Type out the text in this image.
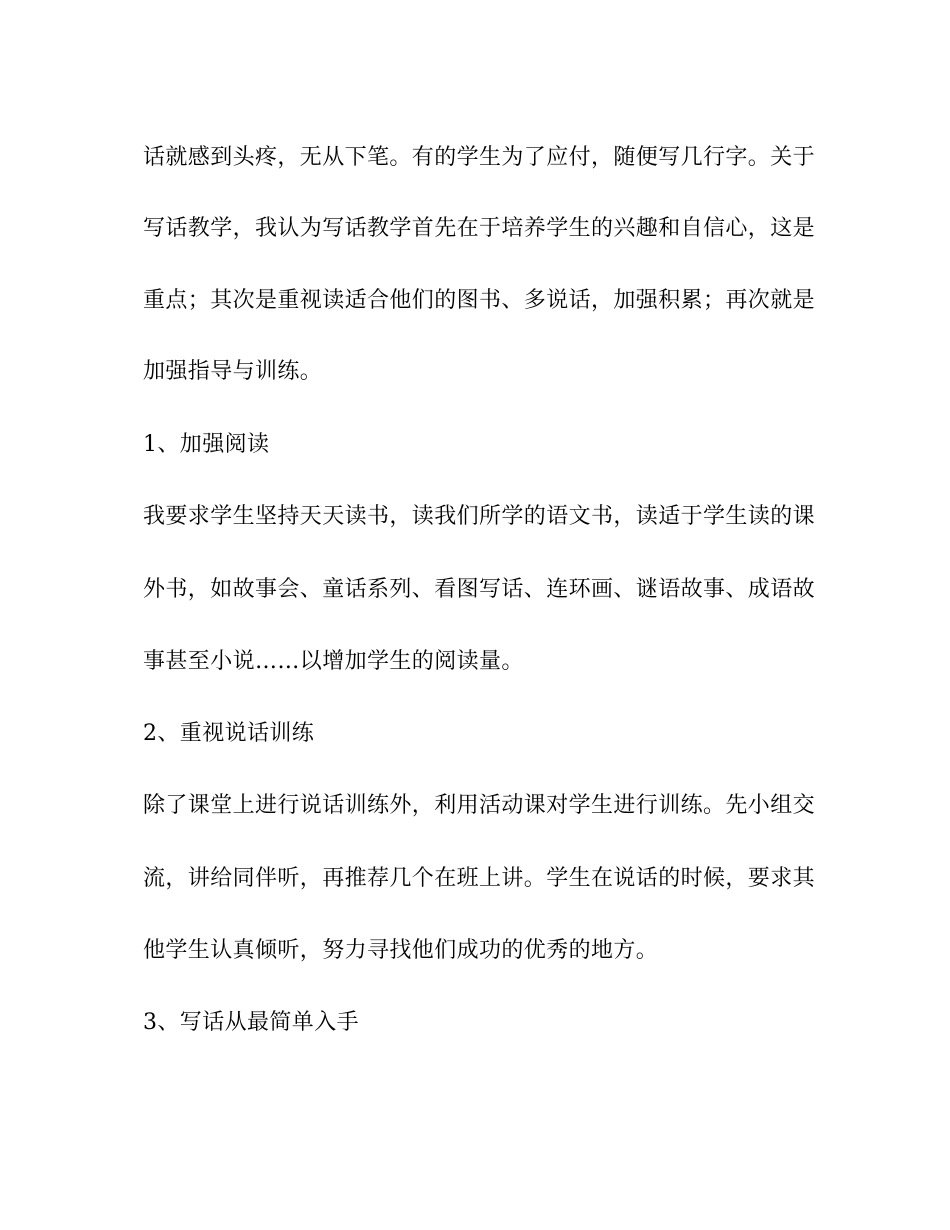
话就感到头疼，无从下笔。有的学生为了应付，随便写几行字。关于

写话教学，我认为写话教学首先在于培养学生的兴趣和自信心，这是

重点；其次是重视读适合他们的图书、多说话，加强积累；再次就是

加强指导与训练。

1、加强阅读

我要求学生坚持天天读书，读我们所学的语文书，读适于学生读的课

外书，如故事会、童话系列、看图写话、连环画、谜语故事、成语故

事甚至小说……以增加学生的阅读量。

2、重视说话训练

除了课堂上进行说话训练外，利用活动课对学生进行训练。先小组交

流，讲给同伴听，再推荐几个在班上讲。学生在说话的时候，要求其

他学生认真倾听，努力寻找他们成功的优秀的地方。

3、写话从最简单入手
